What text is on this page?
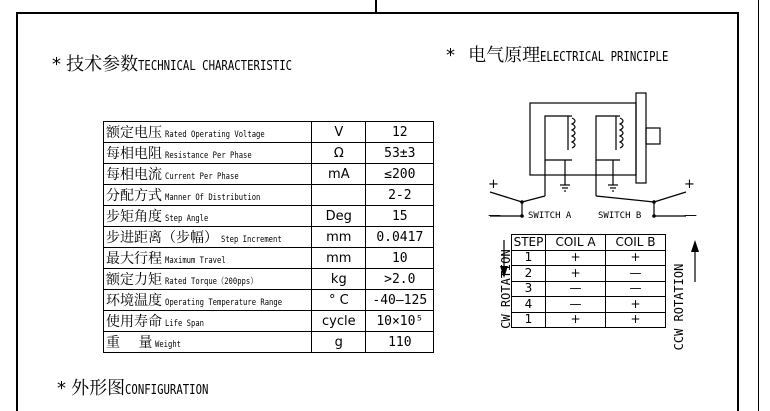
* 技术参数TECHNICAL CHARACTERISTIC
* 电气原理ELECTRICAL PRINCIPLE
* 外形图CONFIGURATION
额定电压 Rated Operating Voltage	V	12
每相电阻 Resistance Per Phase	Ω	53±3
每相电流 Current Per Phase	mA	≤200
分配方式 Manner Of Distribution		2-2
步矩角度 Step Angle	Deg	15
步进距离（步幅） Step Increment	mm	0.0417
最大行程 Maximum Travel	mm	10
额定力矩 Rated Torque（200pps）	kg	>2.0
环境温度 Operating Temperature Range	° C	-40—125
使用寿命 Life Span	cycle	10×10⁵
重　 量 Weight	g	110
SWITCH A	SWITCH B
+
—
+
—
CW ROTATION	CCW ROTATION
STEP	COIL A	COIL B
1	+	+
2	+	—
3	—	—
4	—	+
1	+	+
